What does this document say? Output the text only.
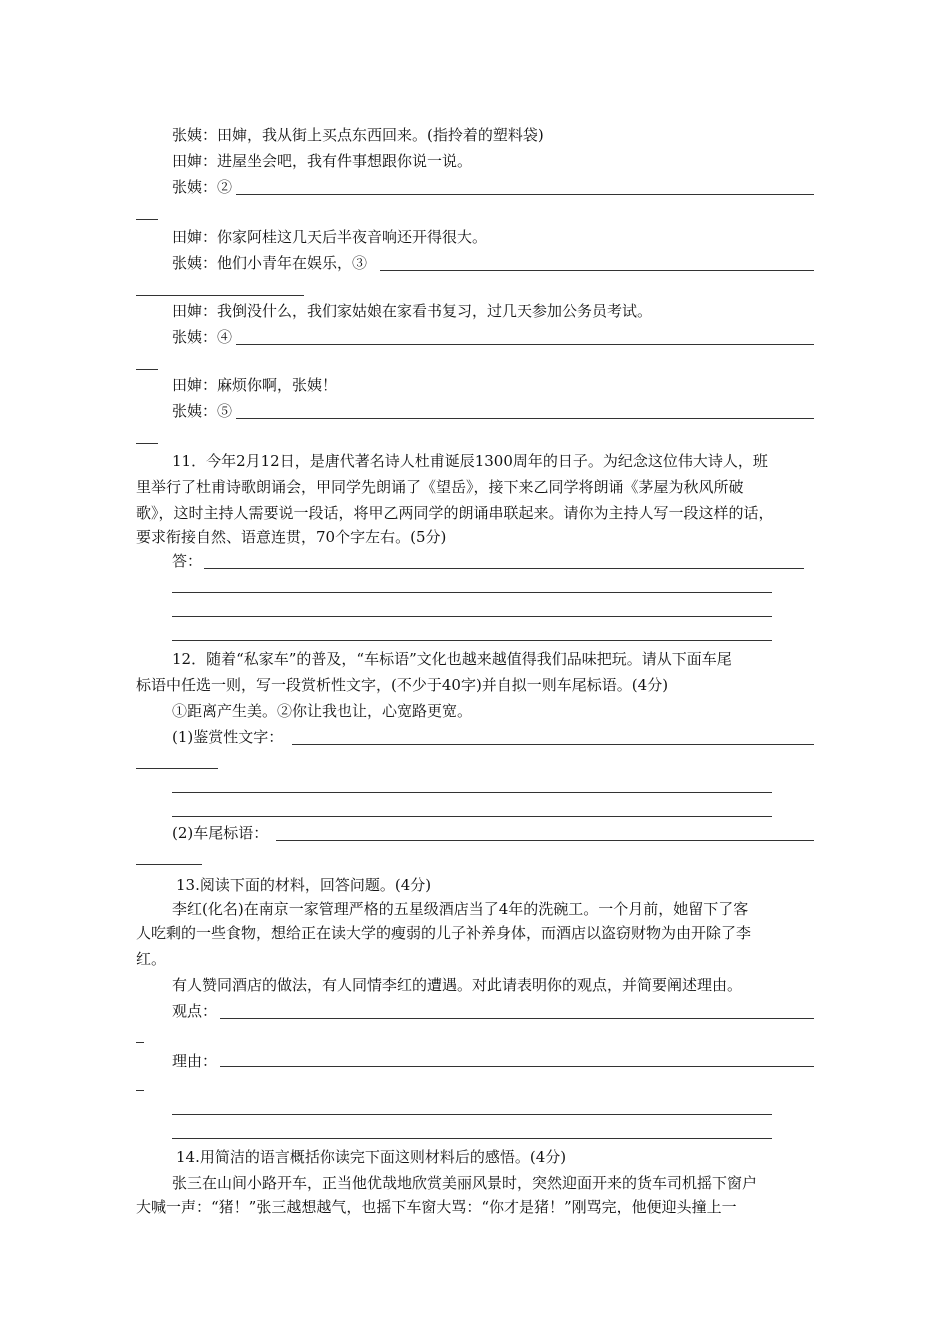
张姨：田婶，我从街上买点东西回来。(指拎着的塑料袋)
田婶：进屋坐会吧，我有件事想跟你说一说。
张姨：②
田婶：你家阿桂这几天后半夜音响还开得很大。
张姨：他们小青年在娱乐，③
田婶：我倒没什么，我们家姑娘在家看书复习，过几天参加公务员考试。
张姨：④
田婶：麻烦你啊，张姨！
张姨：⑤
11．今年2月12日，是唐代著名诗人杜甫诞辰1300周年的日子。为纪念这位伟大诗人，班
里举行了杜甫诗歌朗诵会，甲同学先朗诵了《望岳》，接下来乙同学将朗诵《茅屋为秋风所破
歌》，这时主持人需要说一段话，将甲乙两同学的朗诵串联起来。请你为主持人写一段这样的话，
要求衔接自然、语意连贯，70个字左右。(5分)
答：
12．随着“私家车”的普及，“车标语”文化也越来越值得我们品味把玩。请从下面车尾
标语中任选一则，写一段赏析性文字，(不少于40字)并自拟一则车尾标语。(4分)
①距离产生美。②你让我也让，心宽路更宽。
(1)鉴赏性文字：
(2)车尾标语：
13.阅读下面的材料，回答问题。(4分)
李红(化名)在南京一家管理严格的五星级酒店当了4年的洗碗工。一个月前，她留下了客
人吃剩的一些食物，想给正在读大学的瘦弱的儿子补养身体，而酒店以盗窃财物为由开除了李
红。
有人赞同酒店的做法，有人同情李红的遭遇。对此请表明你的观点，并简要阐述理由。
观点：
理由：
14.用简洁的语言概括你读完下面这则材料后的感悟。(4分)
张三在山间小路开车，正当他优哉地欣赏美丽风景时，突然迎面开来的货车司机摇下窗户
大喊一声：“猪！”张三越想越气，也摇下车窗大骂：“你才是猪！”刚骂完，他便迎头撞上一
